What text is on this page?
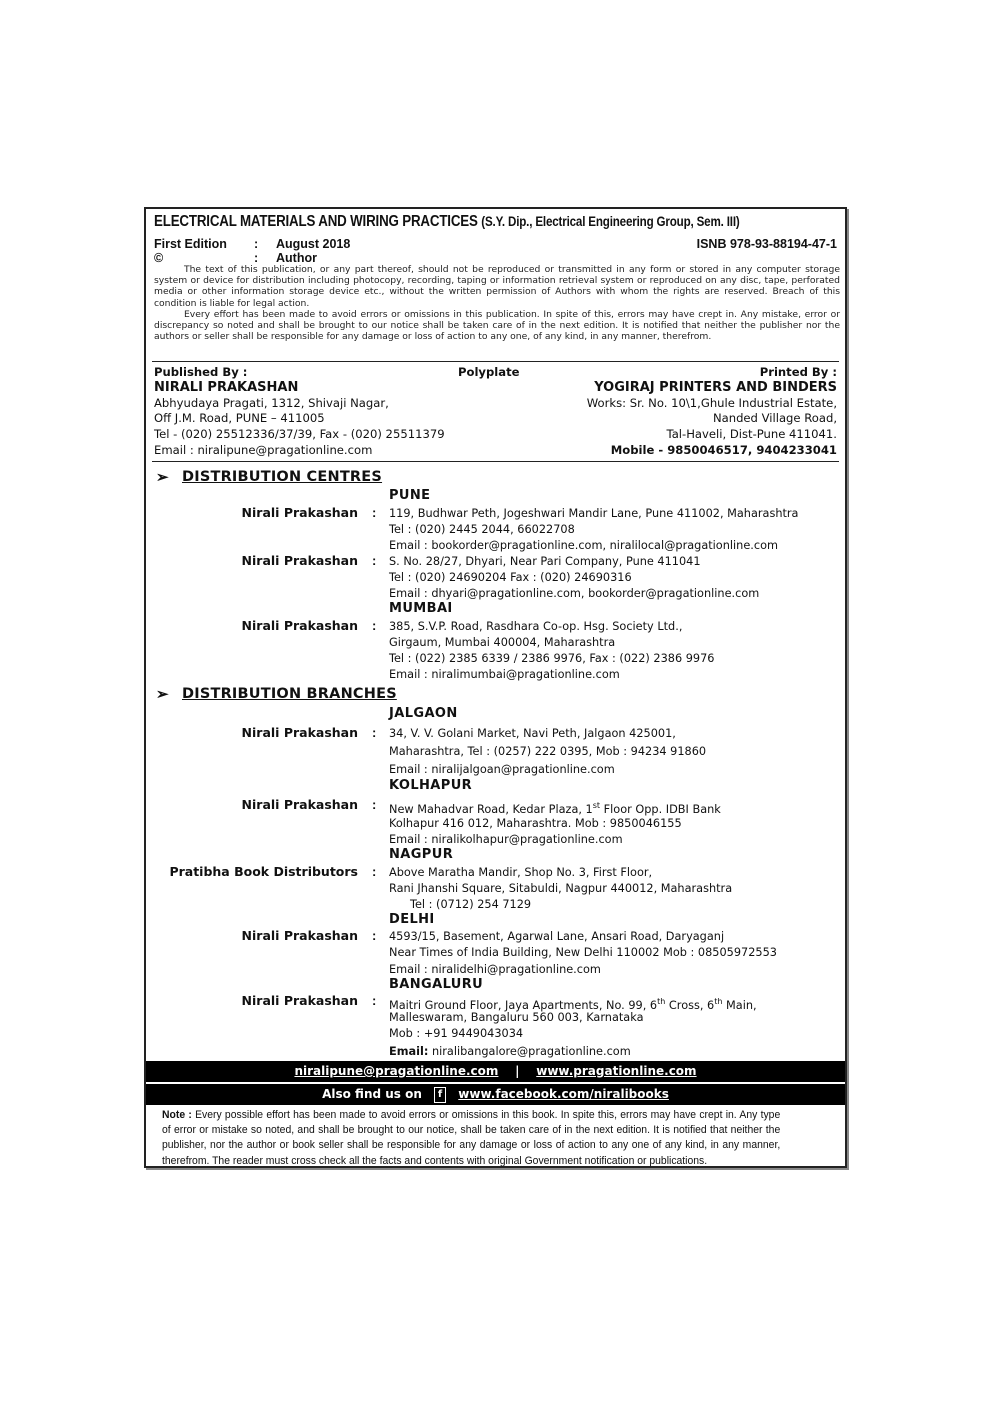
ELECTRICAL MATERIALS AND WIRING PRACTICES (S.Y. Dip., Electrical Engineering Group, Sem. III)
First Edition : August 2018	ISNB 978-93-88194-47-1
©	: Author

The text of this publication, or any part thereof, should not be reproduced or transmitted in any form or stored in any computer storage system or device for distribution including photocopy, recording, taping or information retrieval system or reproduced on any disc, tape, perforated media or other information storage device etc., without the written permission of Authors with whom the rights are reserved. Breach of this condition is liable for legal action.

Every effort has been made to avoid errors or omissions in this publication. In spite of this, errors may have crept in. Any mistake, error or discrepancy so noted and shall be brought to our notice shall be taken care of in the next edition. It is notified that neither the publisher nor the authors or seller shall be responsible for any damage or loss of action to any one, of any kind, in any manner, therefrom.

Published By :
NIRALI PRAKASHAN
Abhyudaya Pragati, 1312, Shivaji Nagar,
Off J.M. Road, PUNE – 411005
Tel - (020) 25512336/37/39, Fax - (020) 25511379
Email : niralipune@pragationline.com
Polyplate	Printed By :
YOGIRAJ PRINTERS AND BINDERS
Works: Sr. No. 10\1,Ghule Industrial Estate,
Nanded Village Road,
Tal-Haveli, Dist-Pune 411041.
Mobile - 9850046517, 9404233041
➢ DISTRIBUTION CENTRES
PUNE
Nirali Prakashan : 119, Budhwar Peth, Jogeshwari Mandir Lane, Pune 411002, Maharashtra
Tel : (020) 2445 2044, 66022708
Email : bookorder@pragationline.com, niralilocal@pragationline.com
Nirali Prakashan : S. No. 28/27, Dhyari, Near Pari Company, Pune 411041
Tel : (020) 24690204 Fax : (020) 24690316
Email : dhyari@pragationline.com, bookorder@pragationline.com
MUMBAI
Nirali Prakashan : 385, S.V.P. Road, Rasdhara Co-op. Hsg. Society Ltd.,
Girgaum, Mumbai 400004, Maharashtra
Tel : (022) 2385 6339 / 2386 9976, Fax : (022) 2386 9976
Email : niralimumbai@pragationline.com
➢ DISTRIBUTION BRANCHES
JALGAON
Nirali Prakashan : 34, V. V. Golani Market, Navi Peth, Jalgaon 425001,
Maharashtra, Tel : (0257) 222 0395, Mob : 94234 91860
Email : niralijalgoan@pragationline.com
KOLHAPUR
Nirali Prakashan : New Mahadvar Road, Kedar Plaza, 1st Floor Opp. IDBI Bank
Kolhapur 416 012, Maharashtra. Mob : 9850046155
Email : niralikolhapur@pragationline.com
NAGPUR
Pratibha Book Distributors : Above Maratha Mandir, Shop No. 3, First Floor,
Rani Jhanshi Square, Sitabuldi, Nagpur 440012, Maharashtra
Tel : (0712) 254 7129
DELHI
Nirali Prakashan : 4593/15, Basement, Agarwal Lane, Ansari Road, Daryaganj
Near Times of India Building, New Delhi 110002 Mob : 08505972553
Email : niralidelhi@pragationline.com
BANGALURU
Nirali Prakashan : Maitri Ground Floor, Jaya Apartments, No. 99, 6th Cross, 6th Main,
Malleswaram, Bangaluru 560 003, Karnataka
Mob : +91 9449043034
Email: niralibangalore@pragationline.com
niralipune@pragationline.com | www.pragationline.com
Also find us on f www.facebook.com/niralibooks
Note : Every possible effort has been made to avoid errors or omissions in this book. In spite this, errors may have crept in. Any type of error or mistake so noted, and shall be brought to our notice, shall be taken care of in the next edition. It is notified that neither the publisher, nor the author or book seller shall be responsible for any damage or loss of action to any one of any kind, in any manner, therefrom. The reader must cross check all the facts and contents with original Government notification or publications.
